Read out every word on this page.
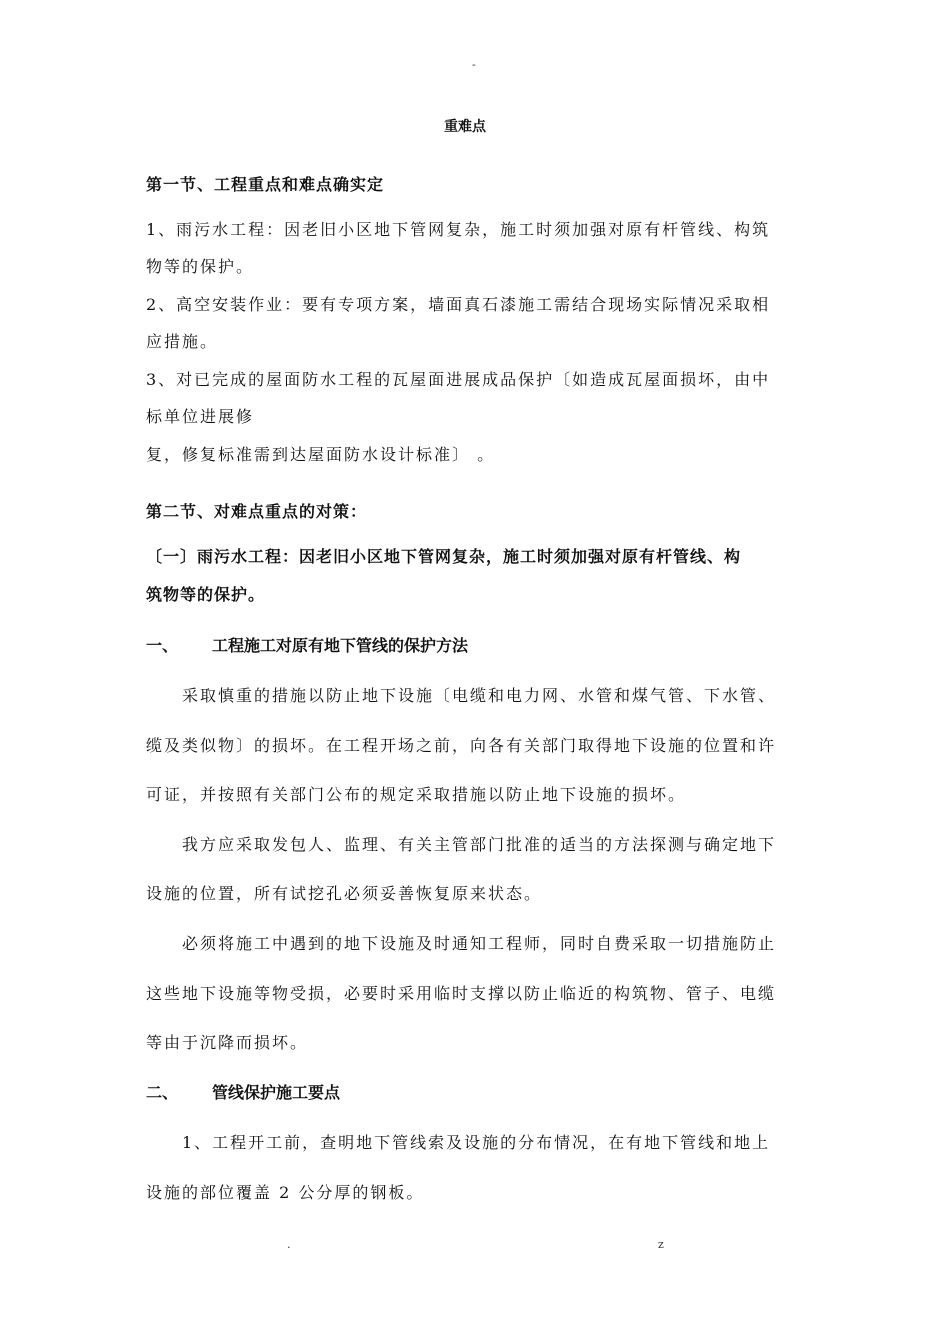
-
重难点
第一节、工程重点和难点确实定
1、雨污水工程：因老旧小区地下管网复杂，施工时须加强对原有杆管线、构筑
物等的保护。
2、高空安装作业：要有专项方案，墙面真石漆施工需结合现场实际情况采取相
应措施。
3、对已完成的屋面防水工程的瓦屋面进展成品保护〔如造成瓦屋面损坏，由中
标单位进展修
复，修复标准需到达屋面防水设计标准〕 。
第二节、对难点重点的对策：
〔一〕雨污水工程：因老旧小区地下管网复杂，施工时须加强对原有杆管线、构
筑物等的保护。
一、 工程施工对原有地下管线的保护方法
采取慎重的措施以防止地下设施〔电缆和电力网、水管和煤气管、下水管、
缆及类似物〕的损坏。在工程开场之前，向各有关部门取得地下设施的位置和许
可证，并按照有关部门公布的规定采取措施以防止地下设施的损坏。
我方应采取发包人、监理、有关主管部门批准的适当的方法探测与确定地下
设施的位置，所有试挖孔必须妥善恢复原来状态。
必须将施工中遇到的地下设施及时通知工程师，同时自费采取一切措施防止
这些地下设施等物受损，必要时采用临时支撑以防止临近的构筑物、管子、电缆
等由于沉降而损坏。
二、 管线保护施工要点
1、工程开工前，查明地下管线索及设施的分布情况，在有地下管线和地上
设施的部位覆盖 2 公分厚的钢板。
.	z
